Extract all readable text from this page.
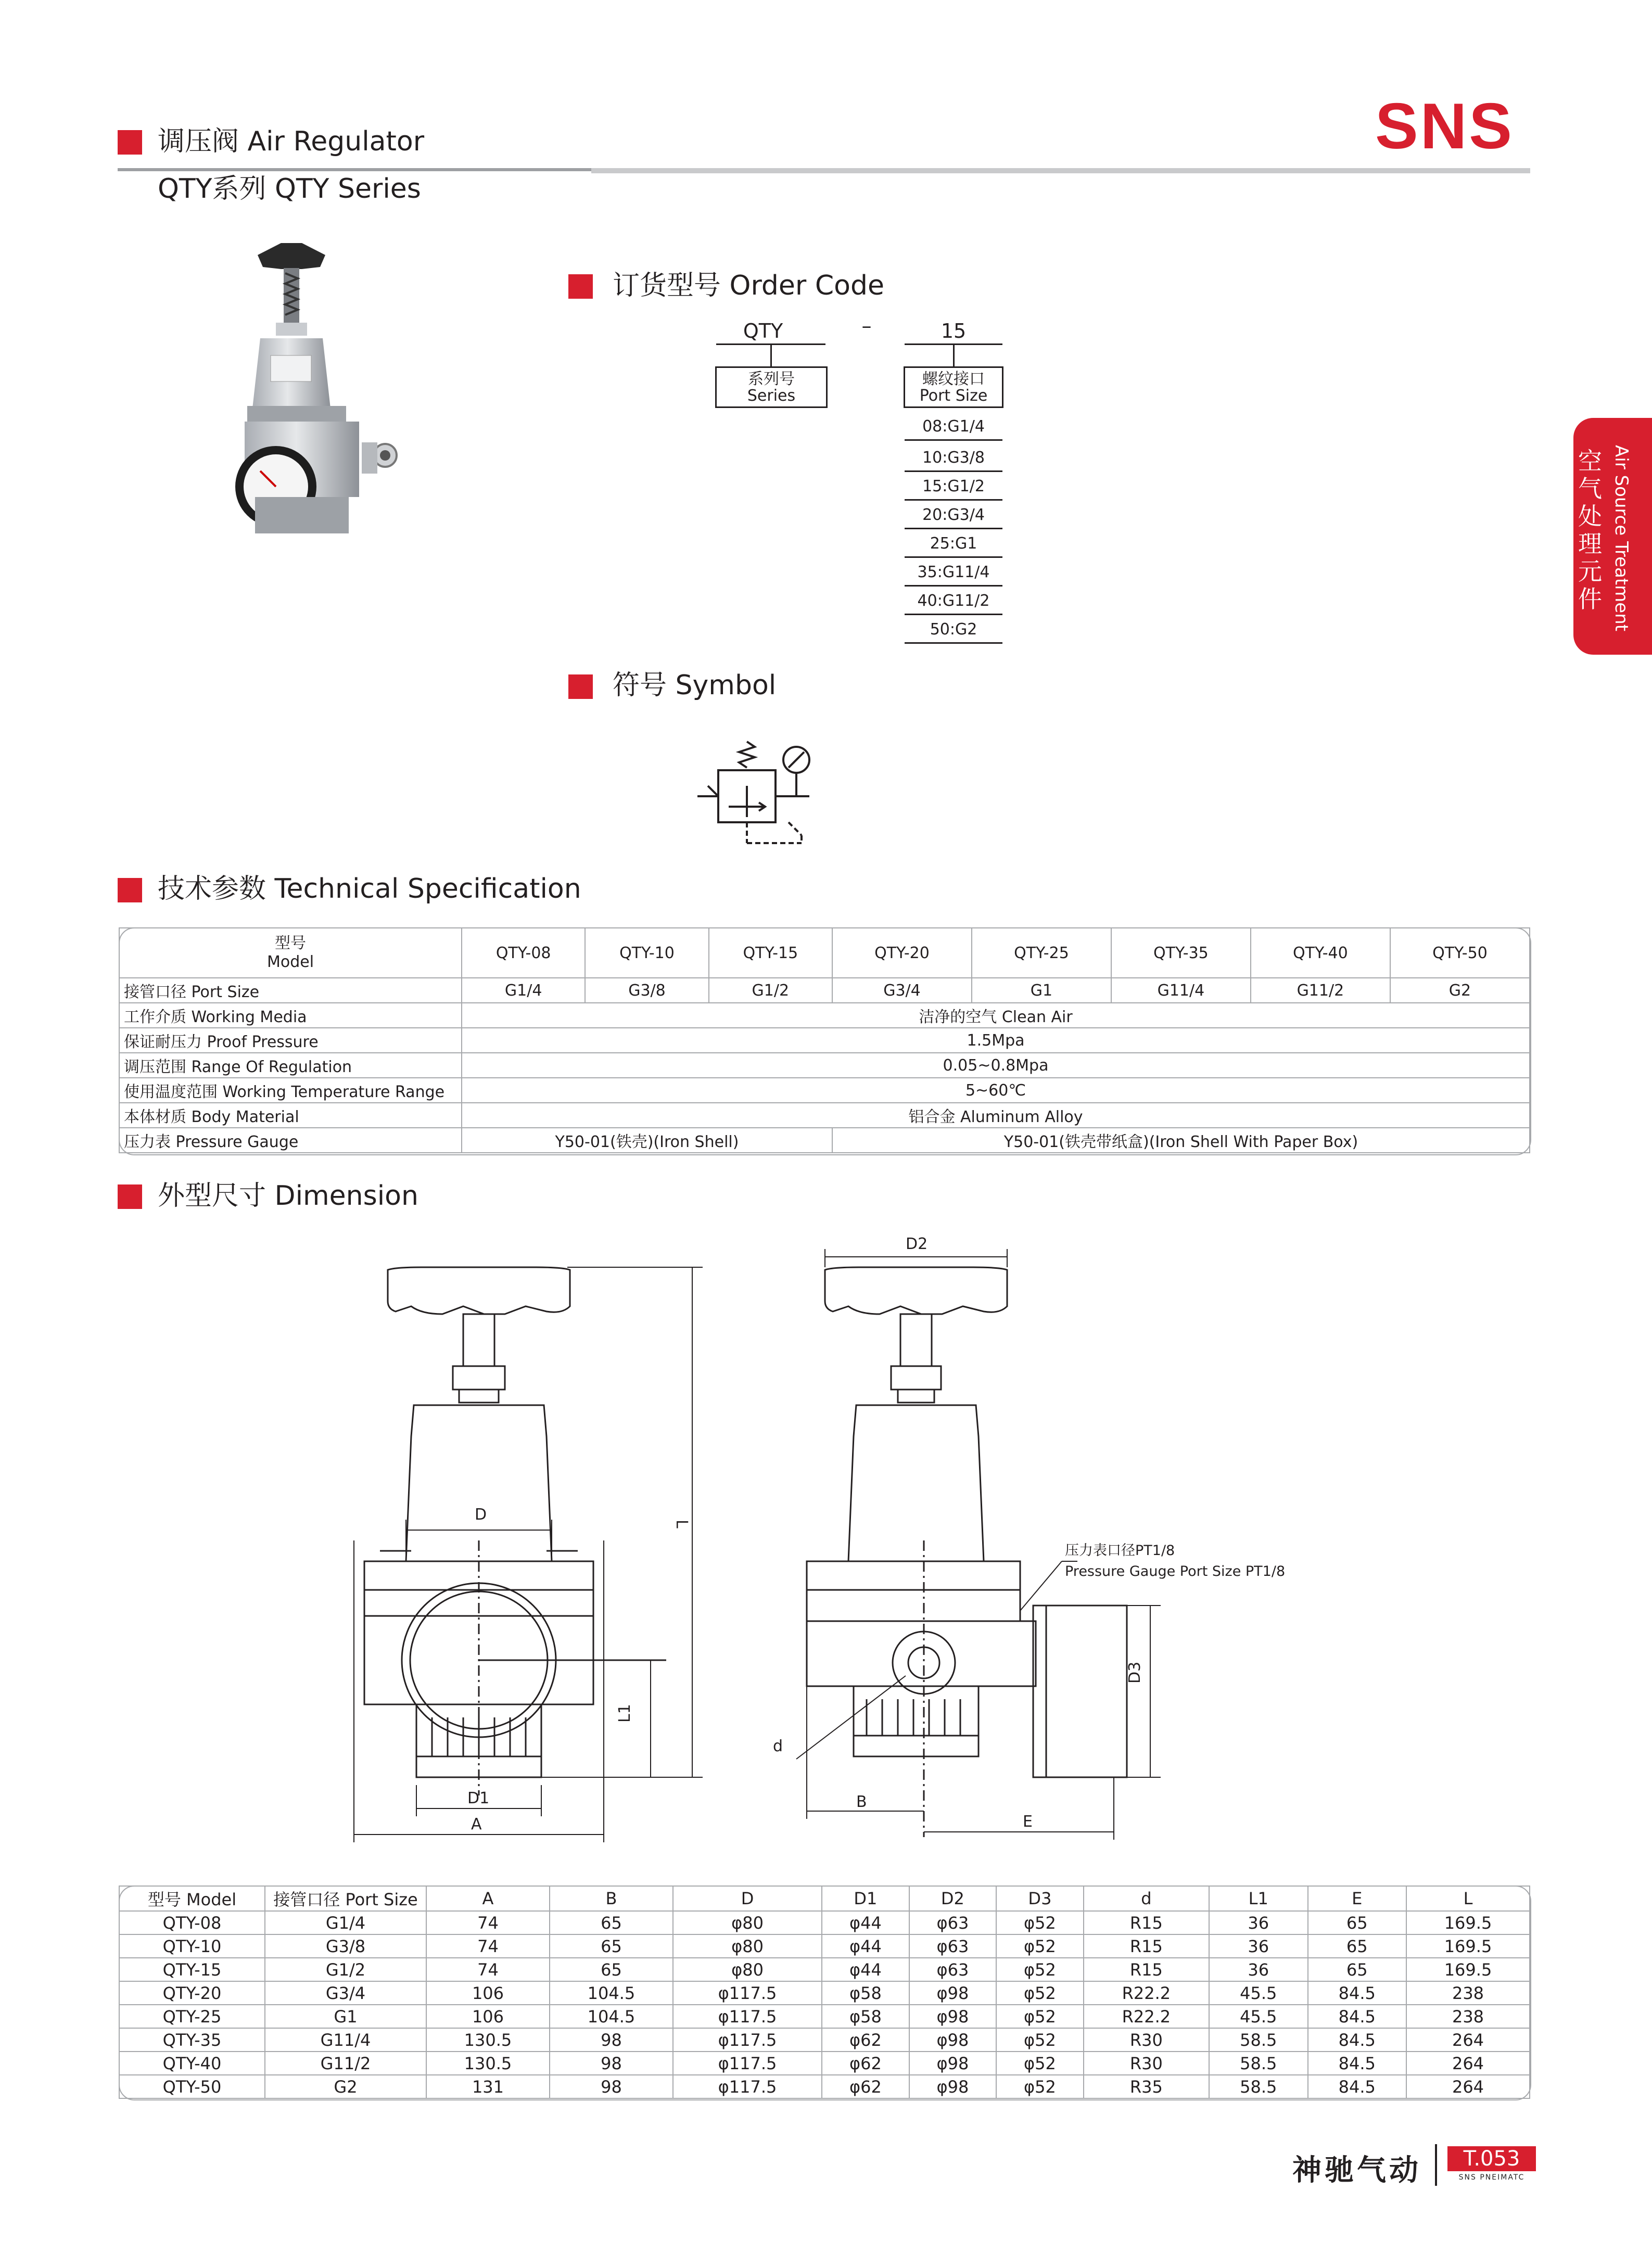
调压阀 Air Regulator
QTY系列 QTY Series
SNS
空气处理元件 Air Source Treatment
订货型号 Order Code
QTY	–	15
系列号
Series
螺纹接口
Port Size
08:G1/4
10:G3/8
15:G1/2
20:G3/4
25:G1
35:G11/4
40:G11/2
50:G2
符号 Symbol
技术参数 Technical Specification
型号
Model	QTY-08	QTY-10	QTY-15	QTY-20	QTY-25	QTY-35	QTY-40	QTY-50
接管口径 Port Size	G1/4	G3/8	G1/2	G3/4	G1	G11/4	G11/2	G2
工作介质 Working Media	洁净的空气 Clean Air							
保证耐压力 Proof Pressure	1.5Mpa							
调压范围 Range Of Regulation	0.05~0.8Mpa							
使用温度范围 Working Temperature Range	5~60℃							
本体材质 Body Material	铝合金 Aluminum Alloy							
压力表 Pressure Gauge	Y50-01(铁壳)(Iron Shell)			Y50-01(铁壳带纸盒)(Iron Shell With Paper Box)				
外型尺寸 Dimension
D
L
L1
D1
A
D2
D3
d
B
E
压力表口径PT1/8
Pressure Gauge Port Size PT1/8
型号 Model	接管口径 Port Size	A	B	D	D1	D2	D3	d	L1	E	L
QTY-08	G1/4	74	65	φ80	φ44	φ63	φ52	R15	36	65	169.5
QTY-10	G3/8	74	65	φ80	φ44	φ63	φ52	R15	36	65	169.5
QTY-15	G1/2	74	65	φ80	φ44	φ63	φ52	R15	36	65	169.5
QTY-20	G3/4	106	104.5	φ117.5	φ58	φ98	φ52	R22.2	45.5	84.5	238
QTY-25	G1	106	104.5	φ117.5	φ58	φ98	φ52	R22.2	45.5	84.5	238
QTY-35	G11/4	130.5	98	φ117.5	φ62	φ98	φ52	R30	58.5	84.5	264
QTY-40	G11/2	130.5	98	φ117.5	φ62	φ98	φ52	R30	58.5	84.5	264
QTY-50	G2	131	98	φ117.5	φ62	φ98	φ52	R35	58.5	84.5	264
神驰气动	T.053
SNS PNEIMATC
